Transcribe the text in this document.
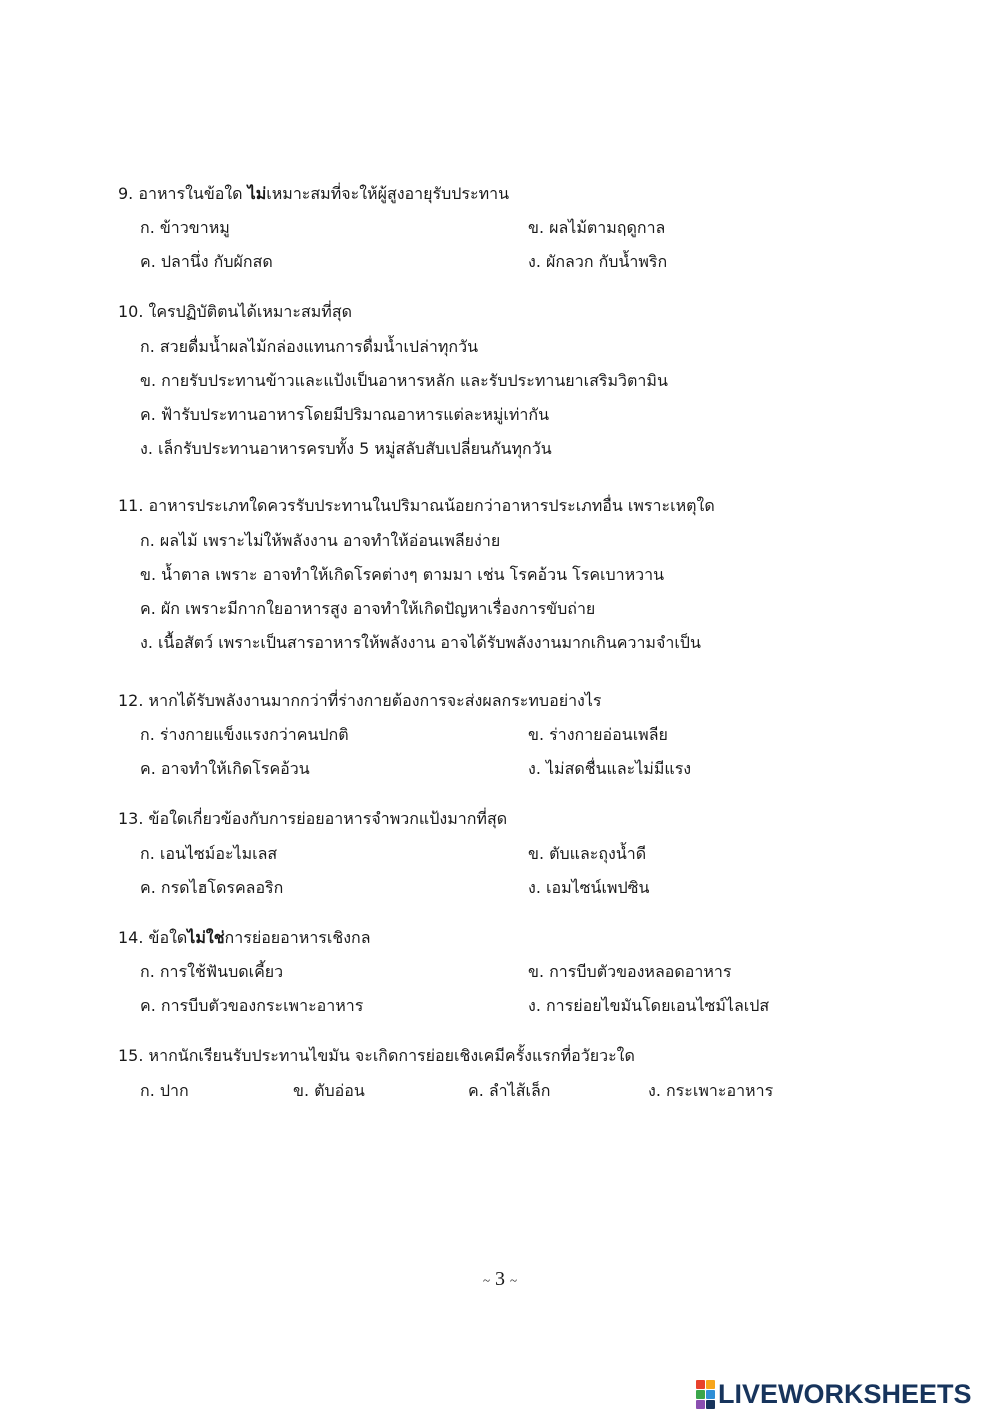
9. อาหารในข้อใด ไม่เหมาะสมที่จะให้ผู้สูงอายุรับประทาน
ก. ข้าวขาหมู	ข. ผลไม้ตามฤดูกาล
ค. ปลานึ่ง กับผักสด	ง. ผักลวก กับน้ำพริก
10. ใครปฏิบัติตนได้เหมาะสมที่สุด
ก. สวยดื่มน้ำผลไม้กล่องแทนการดื่มน้ำเปล่าทุกวัน
ข. กายรับประทานข้าวและแป้งเป็นอาหารหลัก และรับประทานยาเสริมวิตามิน
ค. ฟ้ารับประทานอาหารโดยมีปริมาณอาหารแต่ละหมู่เท่ากัน
ง. เล็กรับประทานอาหารครบทั้ง 5 หมู่สลับสับเปลี่ยนกันทุกวัน
11. อาหารประเภทใดควรรับประทานในปริมาณน้อยกว่าอาหารประเภทอื่น เพราะเหตุใด
ก. ผลไม้ เพราะไม่ให้พลังงาน อาจทำให้อ่อนเพลียง่าย
ข. น้ำตาล เพราะ อาจทำให้เกิดโรคต่างๆ ตามมา เช่น โรคอ้วน โรคเบาหวาน
ค. ผัก เพราะมีกากใยอาหารสูง อาจทำให้เกิดปัญหาเรื่องการขับถ่าย
ง. เนื้อสัตว์ เพราะเป็นสารอาหารให้พลังงาน อาจได้รับพลังงานมากเกินความจำเป็น
12. หากได้รับพลังงานมากกว่าที่ร่างกายต้องการจะส่งผลกระทบอย่างไร
ก. ร่างกายแข็งแรงกว่าคนปกติ	ข. ร่างกายอ่อนเพลีย
ค. อาจทำให้เกิดโรคอ้วน	ง. ไม่สดชื่นและไม่มีแรง
13. ข้อใดเกี่ยวข้องกับการย่อยอาหารจำพวกแป้งมากที่สุด
ก. เอนไซม์อะไมเลส	ข. ตับและถุงน้ำดี
ค. กรดไฮโดรคลอริก	ง. เอมไซน์เพปซิน
14. ข้อใดไม่ใช่การย่อยอาหารเชิงกล
ก. การใช้ฟันบดเคี้ยว	ข. การบีบตัวของหลอดอาหาร
ค. การบีบตัวของกระเพาะอาหาร	ง. การย่อยไขมันโดยเอนไซม์ไลเปส
15. หากนักเรียนรับประทานไขมัน จะเกิดการย่อยเชิงเคมีครั้งแรกที่อวัยวะใด
ก. ปาก	ข. ตับอ่อน	ค. ลำไส้เล็ก	ง. กระเพาะอาหาร
~ 3 ~
LIVEWORKSHEETS
